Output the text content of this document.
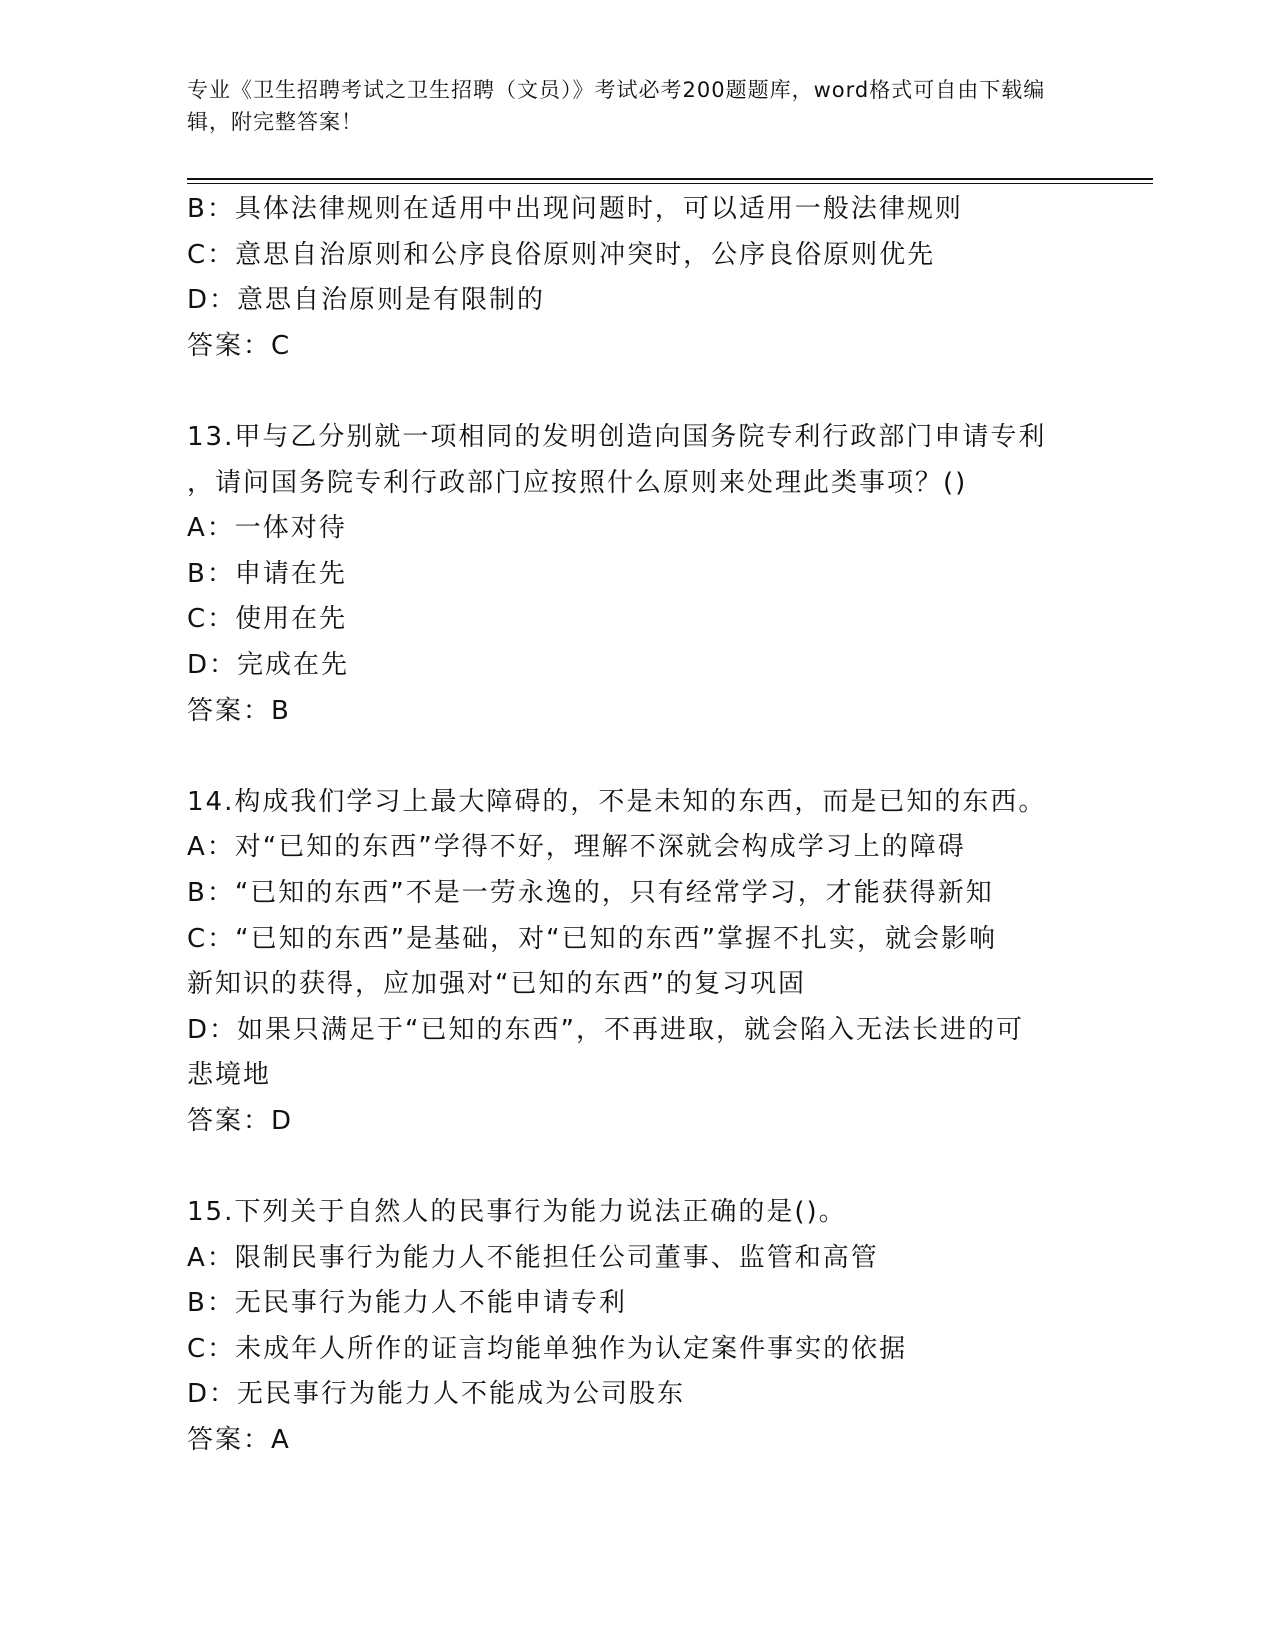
专业《卫生招聘考试之卫生招聘（文员）》考试必考200题题库，word格式可自由下载编辑，附完整答案！
B：具体法律规则在适用中出现问题时，可以适用一般法律规则
C：意思自治原则和公序良俗原则冲突时，公序良俗原则优先
D：意思自治原则是有限制的
答案：C
13.甲与乙分别就一项相同的发明创造向国务院专利行政部门申请专利
，请问国务院专利行政部门应按照什么原则来处理此类事项？()
A：一体对待
B：申请在先
C：使用在先
D：完成在先
答案：B
14.构成我们学习上最大障碍的，不是未知的东西，而是已知的东西。
A：对“已知的东西”学得不好，理解不深就会构成学习上的障碍
B：“已知的东西”不是一劳永逸的，只有经常学习，才能获得新知
C：“已知的东西”是基础，对“已知的东西”掌握不扎实，就会影响
新知识的获得，应加强对“已知的东西”的复习巩固
D：如果只满足于“已知的东西”，不再进取，就会陷入无法长进的可
悲境地
答案：D
15.下列关于自然人的民事行为能力说法正确的是()。
A：限制民事行为能力人不能担任公司董事、监管和高管
B：无民事行为能力人不能申请专利
C：未成年人所作的证言均能单独作为认定案件事实的依据
D：无民事行为能力人不能成为公司股东
答案：A
